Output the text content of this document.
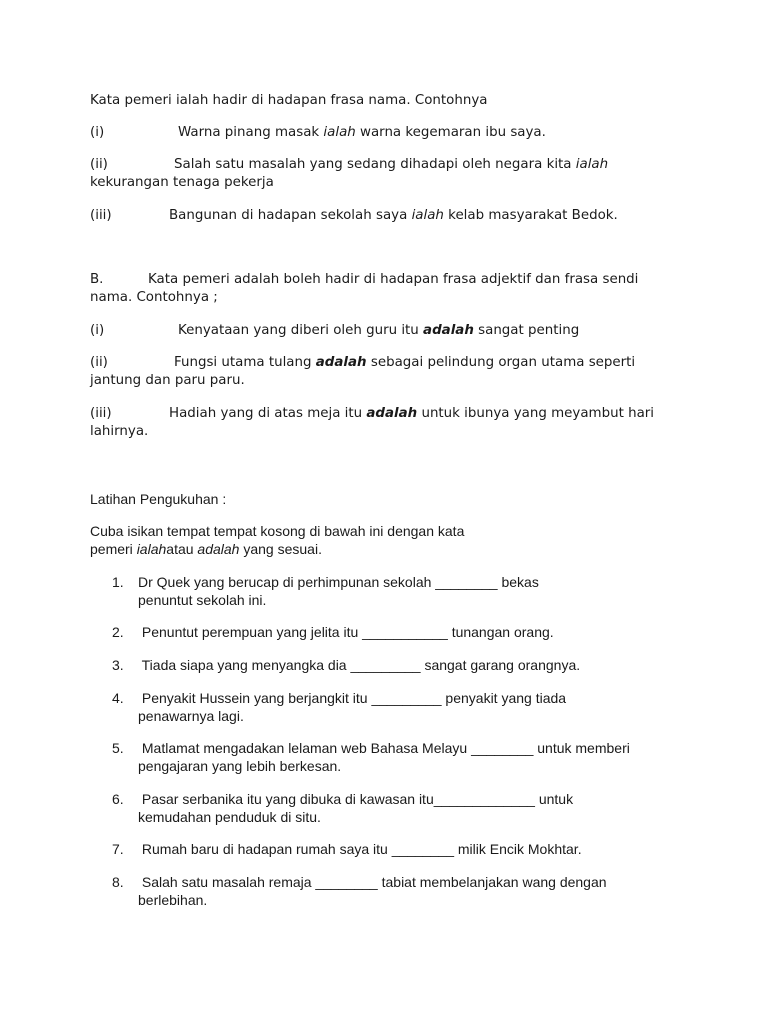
Kata pemeri ialah hadir di hadapan frasa nama. Contohnya
(i)	Warna pinang masak ialah warna kegemaran ibu saya.
(ii)	Salah satu masalah yang sedang dihadapi oleh negara kita ialah
kekurangan tenaga pekerja
(iii)	Bangunan di hadapan sekolah saya ialah kelab masyarakat Bedok.
B.	Kata pemeri adalah boleh hadir di hadapan frasa adjektif dan frasa sendi
nama. Contohnya ;
(i)	Kenyataan yang diberi oleh guru itu adalah sangat penting
(ii)	Fungsi utama tulang adalah sebagai pelindung organ utama seperti
jantung dan paru paru.
(iii)	Hadiah yang di atas meja itu adalah untuk ibunya yang meyambut hari
lahirnya.
Latihan Pengukuhan :
Cuba isikan tempat tempat kosong di bawah ini dengan kata
pemeri ialahatau adalah yang sesuai.
1. Dr Quek yang berucap di perhimpunan sekolah ________ bekas
penuntut sekolah ini.
2. Penuntut perempuan yang jelita itu ___________ tunangan orang.
3. Tiada siapa yang menyangka dia _________ sangat garang orangnya.
4. Penyakit Hussein yang berjangkit itu _________ penyakit yang tiada
penawarnya lagi.
5. Matlamat mengadakan lelaman web Bahasa Melayu ________ untuk memberi
pengajaran yang lebih berkesan.
6. Pasar serbanika itu yang dibuka di kawasan itu_____________ untuk
kemudahan penduduk di situ.
7. Rumah baru di hadapan rumah saya itu ________ milik Encik Mokhtar.
8. Salah satu masalah remaja ________ tabiat membelanjakan wang dengan
berlebihan.
